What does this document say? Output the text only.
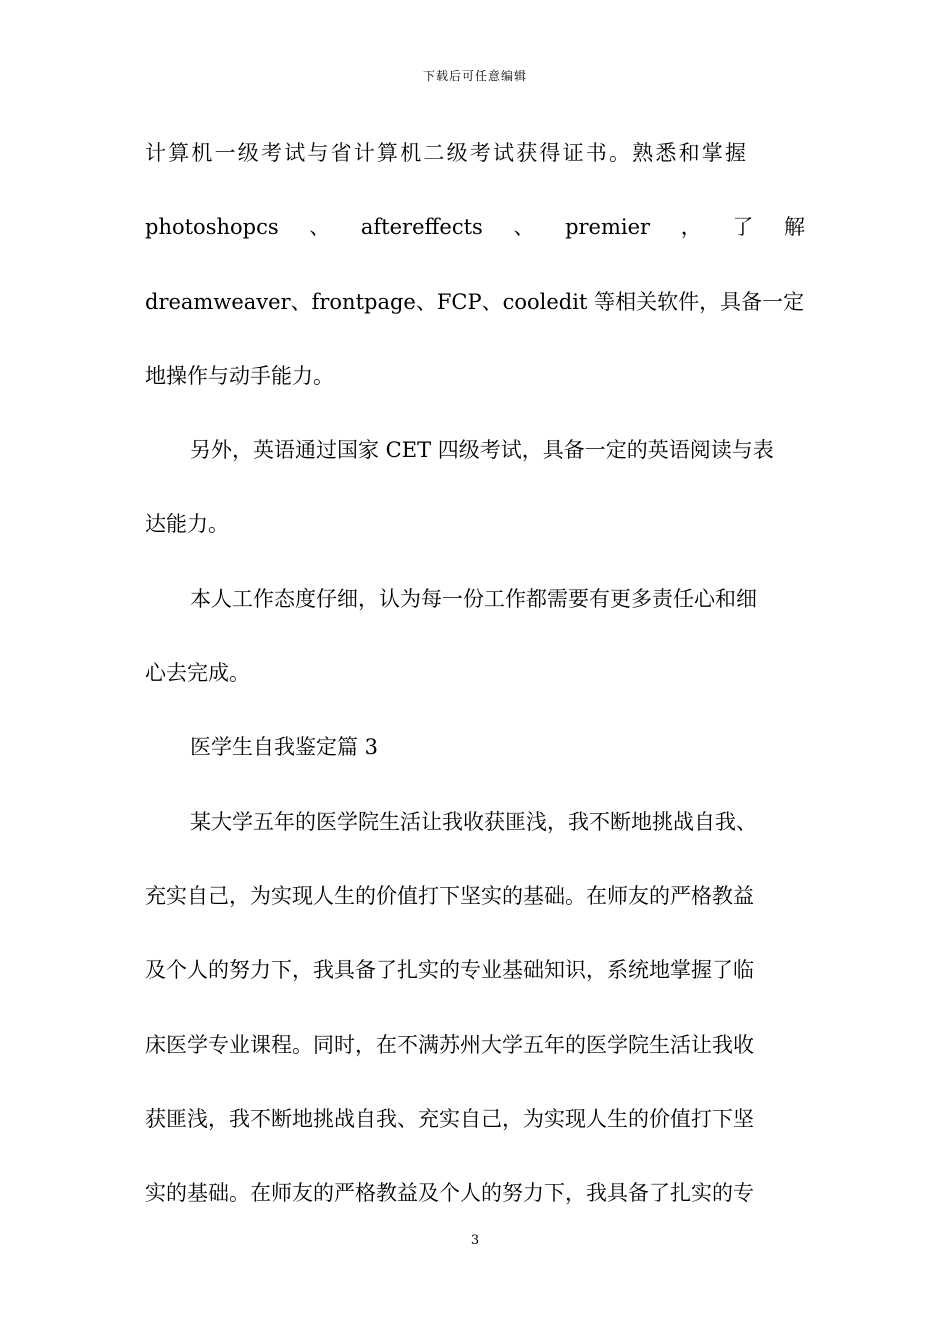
下载后可任意编辑
计算机一级考试与省计算机二级考试获得证书。熟悉和掌握
photoshopcs 、 aftereffects 、 premier ， 了 解
dreamweaver、frontpage、FCP、cooledit 等相关软件，具备一定
地操作与动手能力。
另外，英语通过国家 CET 四级考试，具备一定的英语阅读与表
达能力。
本人工作态度仔细，认为每一份工作都需要有更多责任心和细
心去完成。
医学生自我鉴定篇 3
某大学五年的医学院生活让我收获匪浅，我不断地挑战自我、
充实自己，为实现人生的价值打下坚实的基础。在师友的严格教益
及个人的努力下，我具备了扎实的专业基础知识，系统地掌握了临
床医学专业课程。同时，在不满苏州大学五年的医学院生活让我收
获匪浅，我不断地挑战自我、充实自己，为实现人生的价值打下坚
实的基础。在师友的严格教益及个人的努力下，我具备了扎实的专
3
